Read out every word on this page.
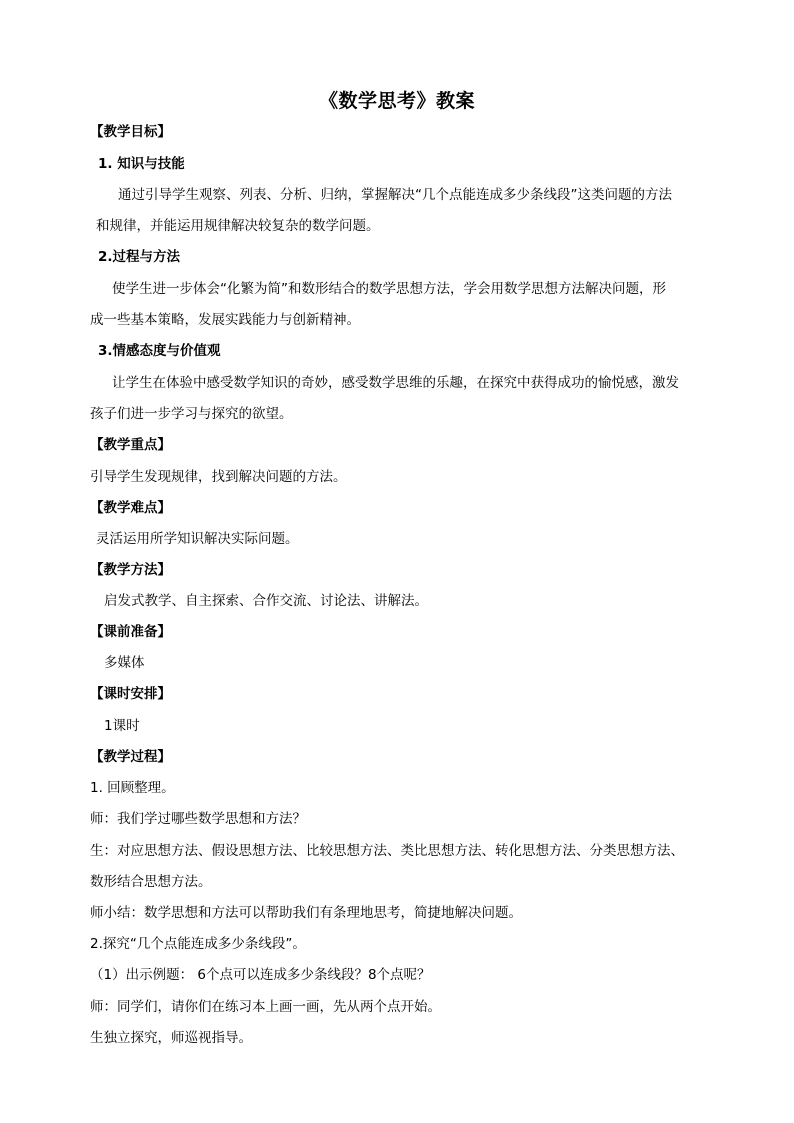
《数学思考》教案
【教学目标】
1. 知识与技能
通过引导学生观察、列表、分析、归纳，掌握解决“几个点能连成多少条线段”这类问题的方法
和规律，并能运用规律解决较复杂的数学问题。
2.过程与方法
使学生进一步体会“化繁为简”和数形结合的数学思想方法，学会用数学思想方法解决问题，形
成一些基本策略，发展实践能力与创新精神。
3.情感态度与价值观
让学生在体验中感受数学知识的奇妙，感受数学思维的乐趣，在探究中获得成功的愉悦感，激发
孩子们进一步学习与探究的欲望。
【教学重点】
引导学生发现规律，找到解决问题的方法。
【教学难点】
灵活运用所学知识解决实际问题。
【教学方法】
启发式教学、自主探索、合作交流、讨论法、讲解法。
【课前准备】
多媒体
【课时安排】
1课时
【教学过程】
1. 回顾整理。
师：我们学过哪些数学思想和方法？
生：对应思想方法、假设思想方法、比较思想方法、类比思想方法、转化思想方法、分类思想方法、
数形结合思想方法。
师小结：数学思想和方法可以帮助我们有条理地思考，简捷地解决问题。
2.探究“几个点能连成多少条线段”。
（1）出示例题： 6个点可以连成多少条线段？8个点呢？
师：同学们，请你们在练习本上画一画，先从两个点开始。
生独立探究，师巡视指导。
